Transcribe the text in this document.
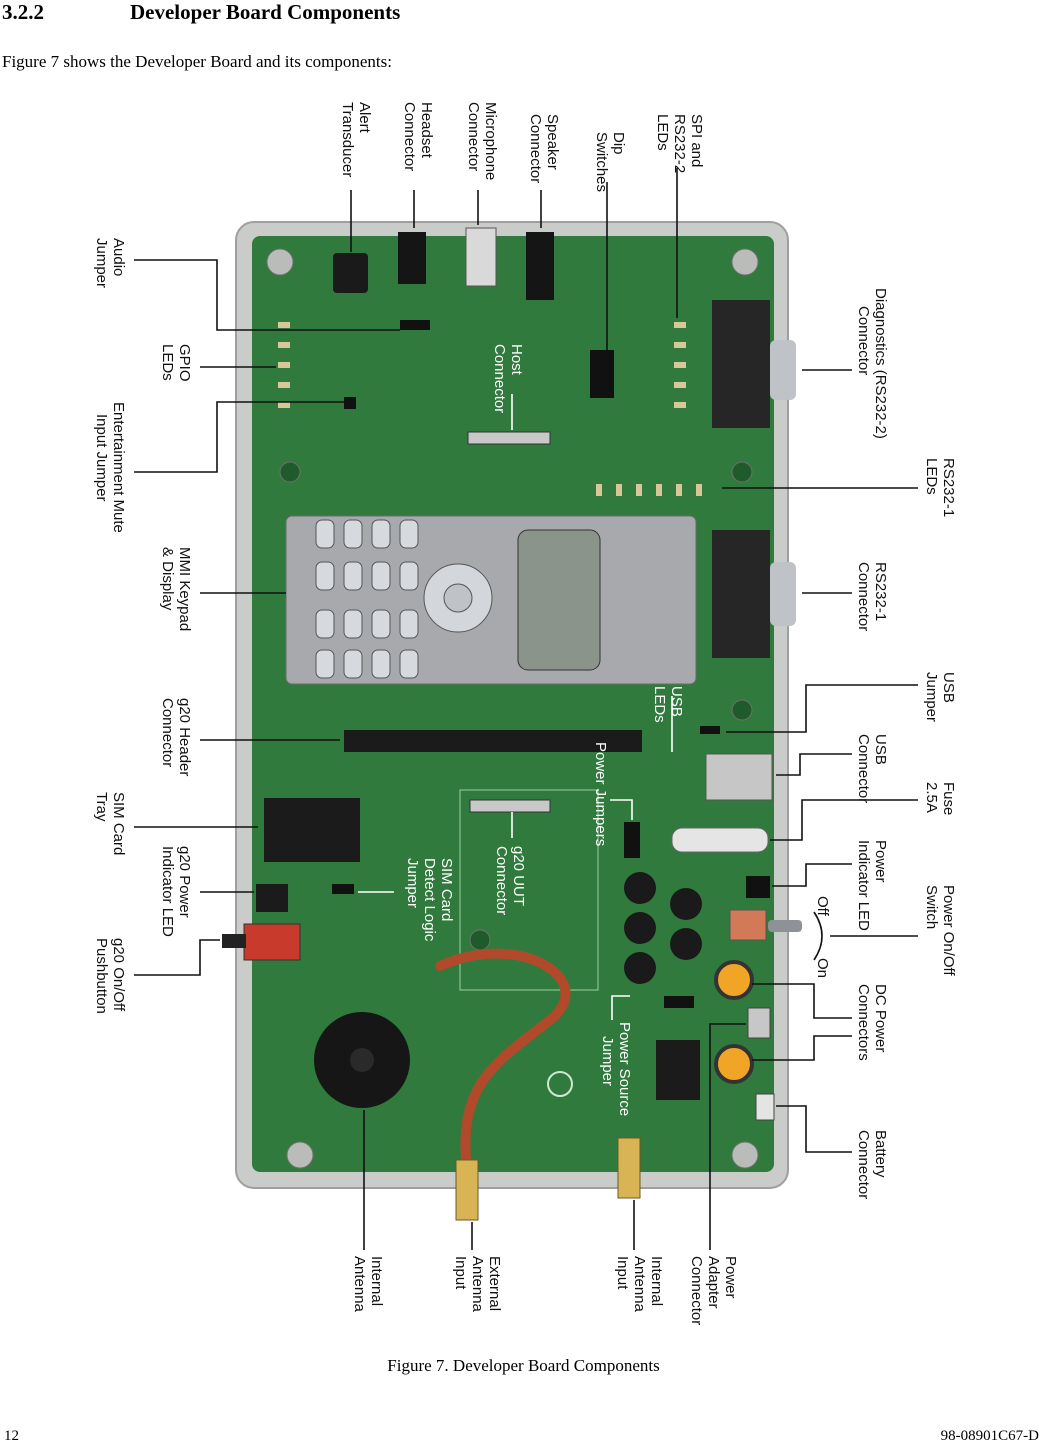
3.2.2	Developer Board Components
Figure 7 shows the Developer Board and its components:
AlertTransducer	HeadsetConnector	MicrophoneConnector	SpeakerConnector	DipSwitches	SPI andRS232-2LEDs
AudioJumper
GPIOLEDs
Entertainment MuteInput Jumper
MMI Keypad& Display
g20 HeaderConnector
SIM CardTray
g20 PowerIndicator LED
g20 On/OffPushbutton
Diagnostics (RS232-2)Connector
RS232-1LEDs
RS232-1Connector
USBJumper
USBConnector	Fuse2.5A
PowerIndicator LED	Power On/OffSwitch
Off
On
DC PowerConnectors
BatteryConnector
HostConnector
USBLEDs
Power Jumpers
g20 UUTConnector
SIM CardDetect LogicJumper
Power SourceJumper
InternalAntenna	ExternalAntennaInput	InternalAntennaInput	PowerAdapterConnector
Figure 7. Developer Board Components
12	98-08901C67-D
